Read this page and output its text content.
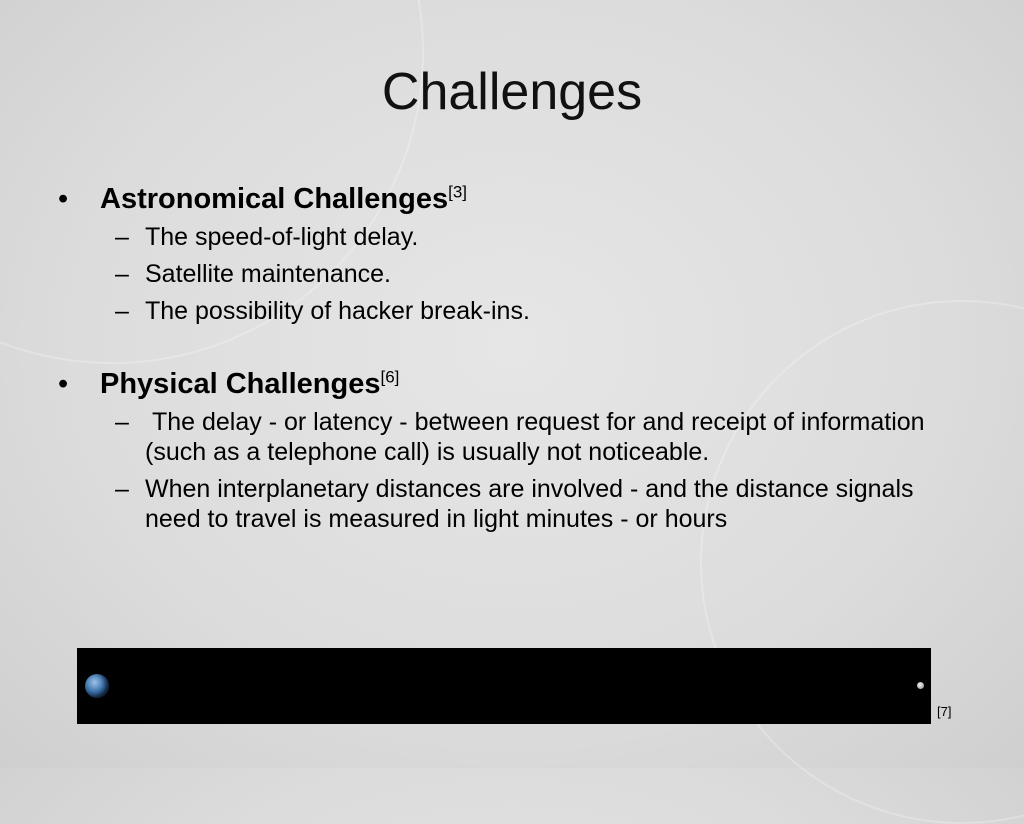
Challenges
• Astronomical Challenges[3]
– The speed-of-light delay.
– Satellite maintenance.
– The possibility of hacker break-ins.
• Physical Challenges[6]
– The delay - or latency - between request for and receipt of information (such as a telephone call) is usually not noticeable.
– When interplanetary distances are involved - and the distance signals need to travel is measured in light minutes - or hours
[7]
